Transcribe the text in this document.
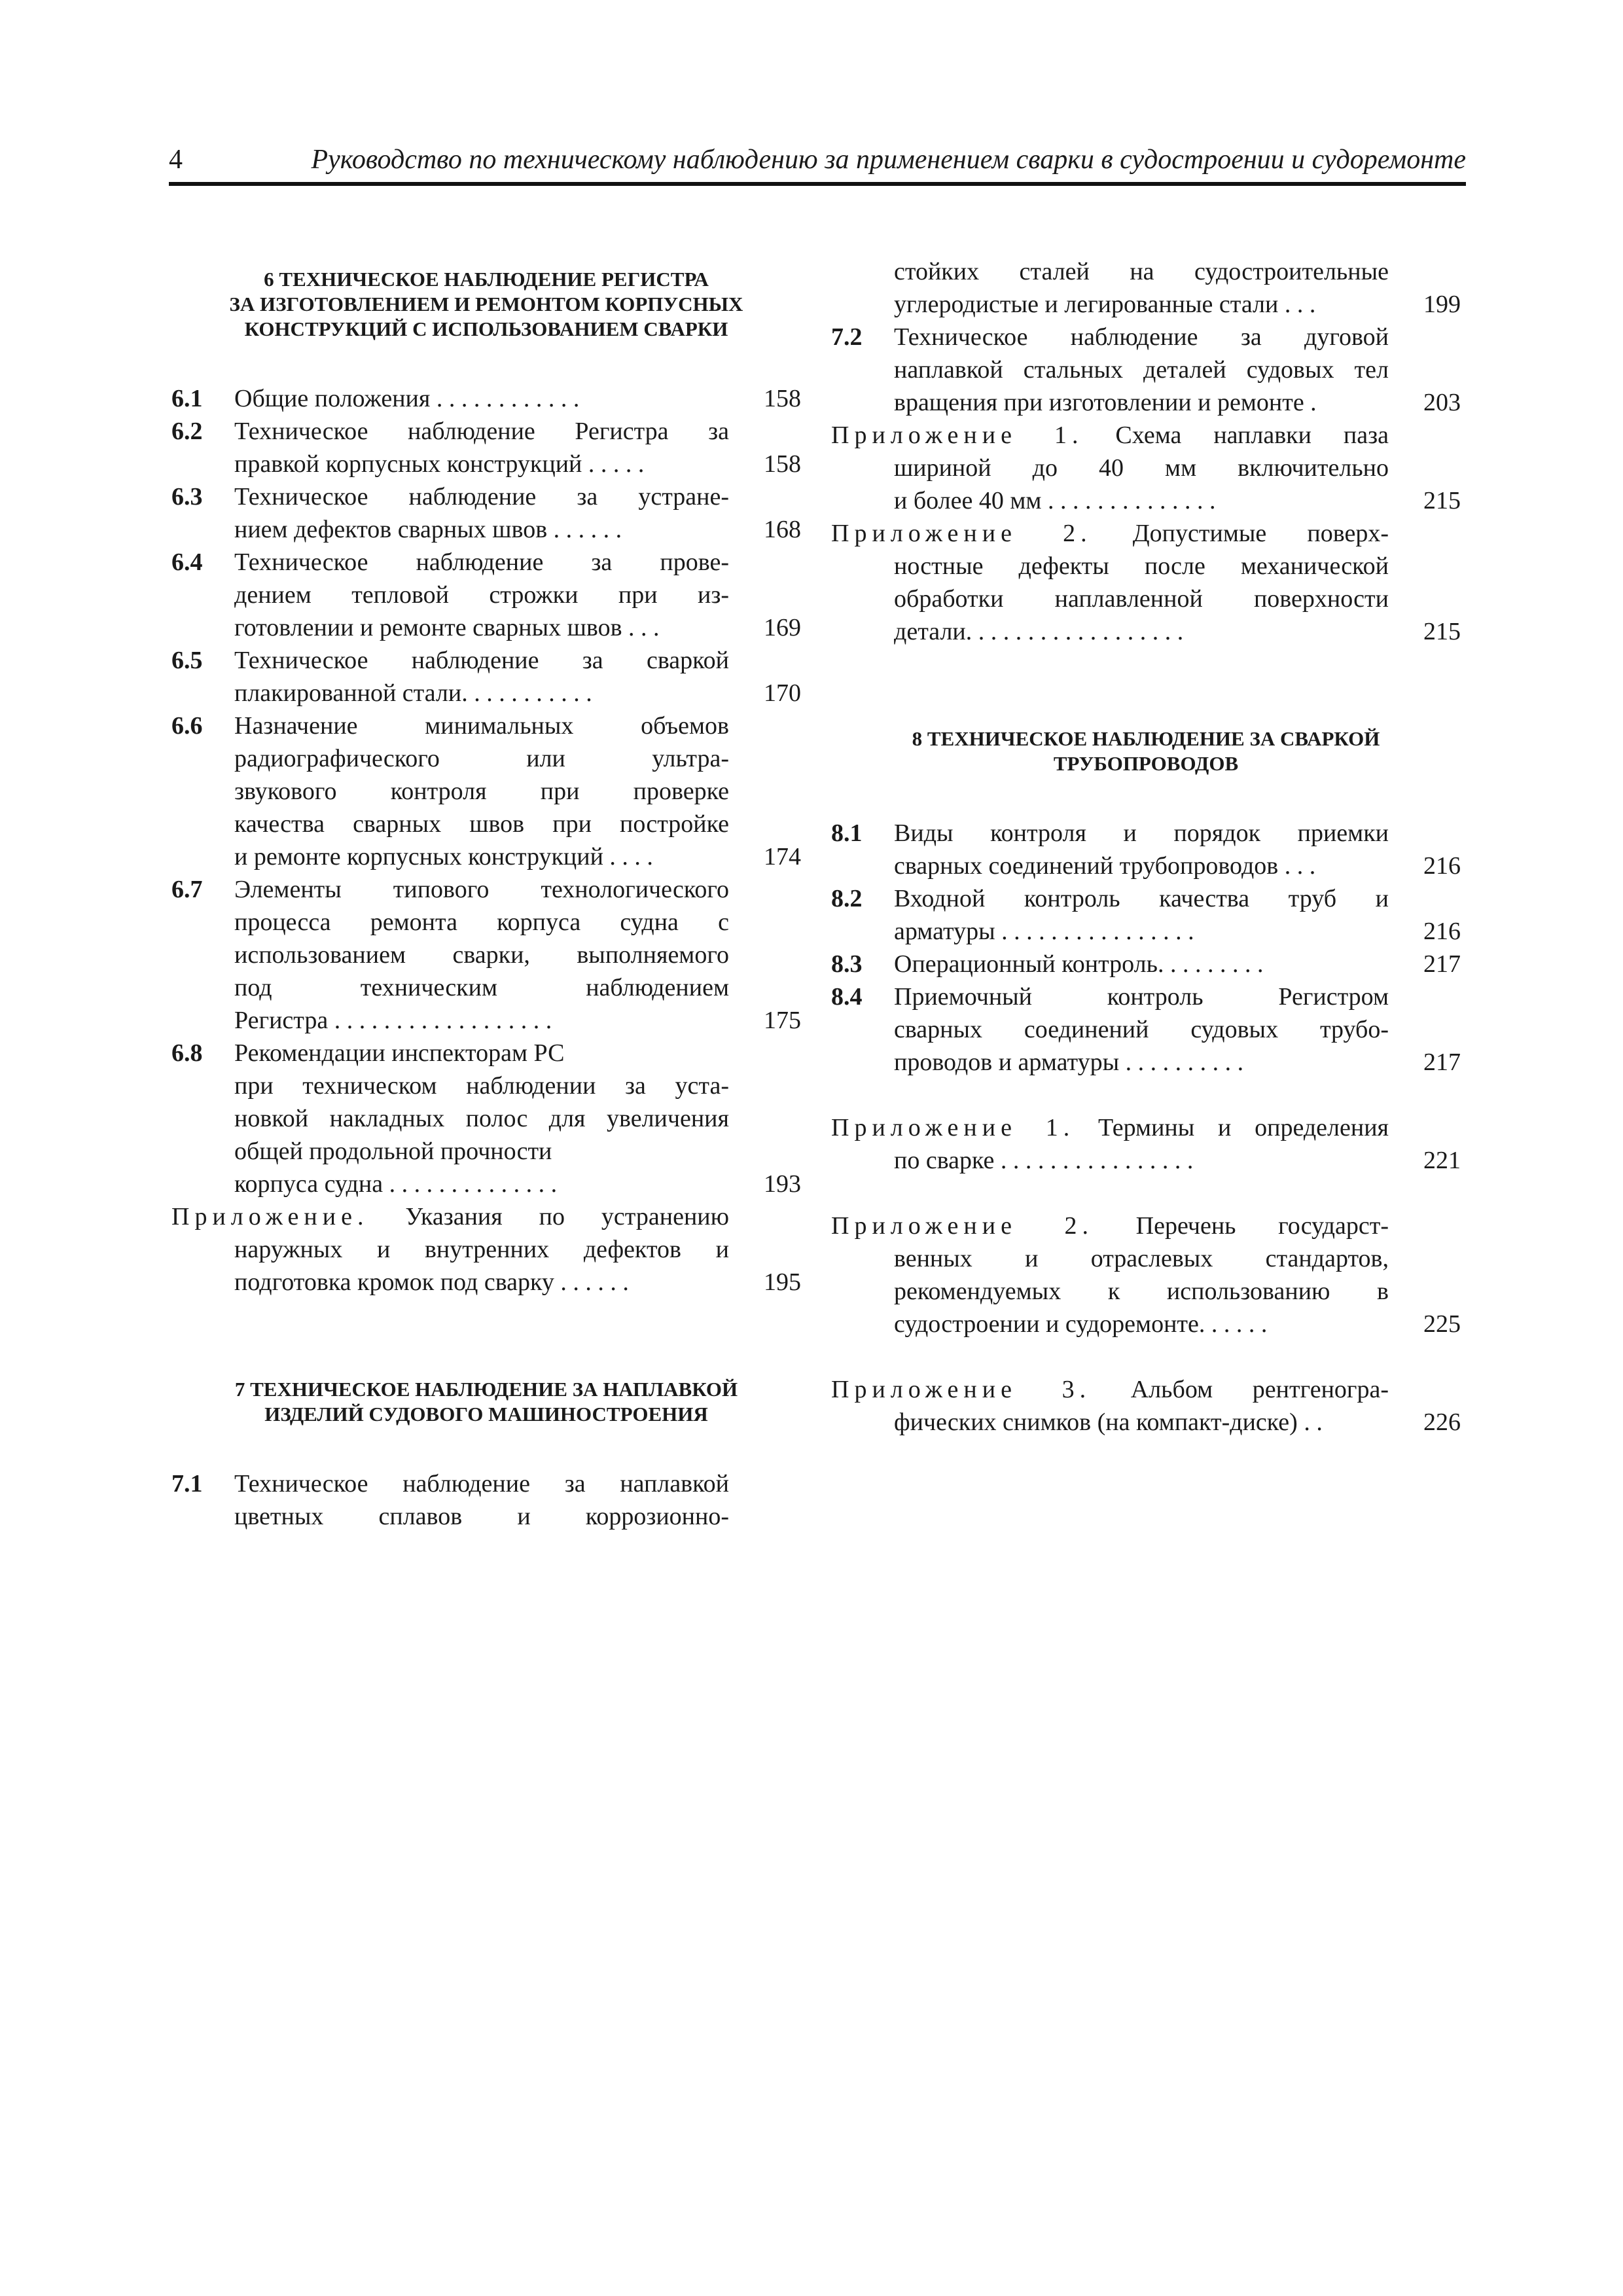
4	Руководство по техническому наблюдению за применением сварки в судостроении и судоремонте
6 ТЕХНИЧЕСКОЕ НАБЛЮДЕНИЕ РЕГИСТРА
ЗА ИЗГОТОВЛЕНИЕМ И РЕМОНТОМ КОРПУСНЫХ
КОНСТРУКЦИЙ С ИСПОЛЬЗОВАНИЕМ СВАРКИ
6.1	Общие положения . . . . . . . . . . . .	158
6.2	Техническое наблюдение Регистра за
правкой корпусных конструкций . . . . .	158
6.3	Техническое наблюдение за устране-
нием дефектов сварных швов . . . . . .	168
6.4	Техническое наблюдение за прове-
дением тепловой строжки при из-
готовлении и ремонте сварных швов . . .	169
6.5	Техническое наблюдение за сваркой
плакированной стали. . . . . . . . . . .	170
6.6	Назначение минимальных объемов
радиографического или ультра-
звукового контроля при проверке
качества сварных швов при постройке
и ремонте корпусных конструкций . . . .	174
6.7	Элементы типового технологического
процесса ремонта корпуса судна с
использованием сварки, выполняемого
под техническим наблюдением
Регистра . . . . . . . . . . . . . . . . . .	175
6.8	Рекомендации инспекторам РС
при техническом наблюдении за уста-
новкой накладных полос для увеличения
общей продольной прочности
корпуса судна . . . . . . . . . . . . . .	193
Приложение. Указания по устранению
наружных и внутренних дефектов и
подготовка кромок под сварку . . . . . .	195
7 ТЕХНИЧЕСКОЕ НАБЛЮДЕНИЕ ЗА НАПЛАВКОЙ
ИЗДЕЛИЙ СУДОВОГО МАШИНОСТРОЕНИЯ
7.1	Техническое наблюдение за наплавкой
цветных сплавов и коррозионно-
стойких сталей на судостроительные
углеродистые и легированные стали . . .	199
7.2	Техническое наблюдение за дуговой
наплавкой стальных деталей судовых тел
вращения при изготовлении и ремонте .	203
Приложение 1. Схема наплавки паза
шириной до 40 мм включительно
и более 40 мм . . . . . . . . . . . . . .	215
Приложение 2. Допустимые поверх-
ностные дефекты после механической
обработки наплавленной поверхности
детали. . . . . . . . . . . . . . . . . .	215
8 ТЕХНИЧЕСКОЕ НАБЛЮДЕНИЕ ЗА СВАРКОЙ
ТРУБОПРОВОДОВ
8.1	Виды контроля и порядок приемки
сварных соединений трубопроводов . . .	216
8.2	Входной контроль качества труб и
арматуры . . . . . . . . . . . . . . . .	216
8.3	Операционный контроль. . . . . . . . .	217
8.4	Приемочный контроль Регистром
сварных соединений судовых трубо-
проводов и арматуры . . . . . . . . . .	217
Приложение 1. Термины и определения
по сварке . . . . . . . . . . . . . . . .	221
Приложение 2. Перечень государст-
венных и отраслевых стандартов,
рекомендуемых к использованию в
судостроении и судоремонте. . . . . .	225
Приложение 3. Альбом рентгеногра-
фических снимков (на компакт-диске) . .	226
